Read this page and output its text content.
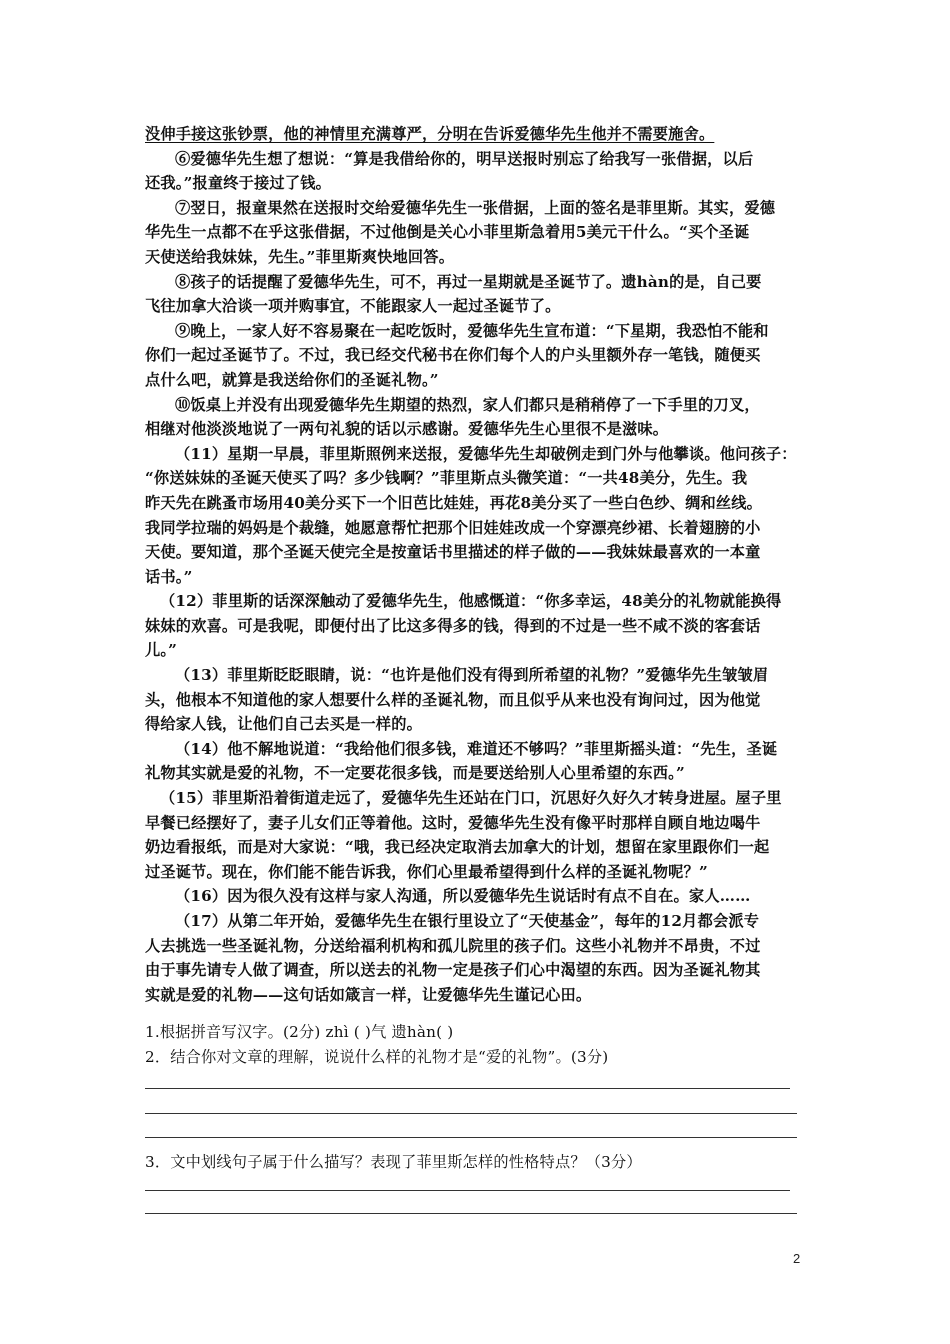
没伸手接这张钞票，他的神情里充满尊严，分明在告诉爱德华先生他并不需要施舍。
⑥爱德华先生想了想说：“算是我借给你的，明早送报时别忘了给我写一张借据，以后
还我。”报童终于接过了钱。
⑦翌日，报童果然在送报时交给爱德华先生一张借据，上面的签名是菲里斯。其实，爱德
华先生一点都不在乎这张借据，不过他倒是关心小菲里斯急着用5美元干什么。“买个圣诞
天使送给我妹妹，先生。”菲里斯爽快地回答。
⑧孩子的话提醒了爱德华先生，可不，再过一星期就是圣诞节了。遗hàn的是，自己要
飞往加拿大洽谈一项并购事宜，不能跟家人一起过圣诞节了。
⑨晚上，一家人好不容易聚在一起吃饭时，爱德华先生宣布道：“下星期，我恐怕不能和
你们一起过圣诞节了。不过，我已经交代秘书在你们每个人的户头里额外存一笔钱，随便买
点什么吧，就算是我送给你们的圣诞礼物。”
⑩饭桌上并没有出现爱德华先生期望的热烈，家人们都只是稍稍停了一下手里的刀叉，
相继对他淡淡地说了一两句礼貌的话以示感谢。爱德华先生心里很不是滋味。
（11）星期一早晨，菲里斯照例来送报，爱德华先生却破例走到门外与他攀谈。他问孩子：
“你送妹妹的圣诞天使买了吗？多少钱啊？”菲里斯点头微笑道：“一共48美分，先生。我
昨天先在跳蚤市场用40美分买下一个旧芭比娃娃，再花8美分买了一些白色纱、绸和丝线。
我同学拉瑞的妈妈是个裁缝，她愿意帮忙把那个旧娃娃改成一个穿漂亮纱裙、长着翅膀的小
天使。要知道，那个圣诞天使完全是按童话书里描述的样子做的——我妹妹最喜欢的一本童
话书。”
（12）菲里斯的话深深触动了爱德华先生，他感慨道：“你多幸运，48美分的礼物就能换得
妹妹的欢喜。可是我呢，即便付出了比这多得多的钱，得到的不过是一些不咸不淡的客套话
儿。”
（13）菲里斯眨眨眼睛，说：“也许是他们没有得到所希望的礼物？”爱德华先生皱皱眉
头，他根本不知道他的家人想要什么样的圣诞礼物，而且似乎从来也没有询问过，因为他觉
得给家人钱，让他们自己去买是一样的。
（14）他不解地说道：“我给他们很多钱，难道还不够吗？”菲里斯摇头道：“先生，圣诞
礼物其实就是爱的礼物，不一定要花很多钱，而是要送给别人心里希望的东西。”
（15）菲里斯沿着街道走远了，爱德华先生还站在门口，沉思好久好久才转身进屋。屋子里
早餐已经摆好了，妻子儿女们正等着他。这时，爱德华先生没有像平时那样自顾自地边喝牛
奶边看报纸，而是对大家说：“哦，我已经决定取消去加拿大的计划，想留在家里跟你们一起
过圣诞节。现在，你们能不能告诉我，你们心里最希望得到什么样的圣诞礼物呢？”
（16）因为很久没有这样与家人沟通，所以爱德华先生说话时有点不自在。家人……
（17）从第二年开始，爱德华先生在银行里设立了“天使基金”，每年的12月都会派专
人去挑选一些圣诞礼物，分送给福利机构和孤儿院里的孩子们。这些小礼物并不昂贵，不过
由于事先请专人做了调查，所以送去的礼物一定是孩子们心中渴望的东西。因为圣诞礼物其
实就是爱的礼物——这句话如箴言一样，让爱德华先生谨记心田。
1.根据拼音写汉字。(2分) zhì ( )气 遗hàn( )
2．结合你对文章的理解，说说什么样的礼物才是“爱的礼物”。(3分)
3．文中划线句子属于什么描写？表现了菲里斯怎样的性格特点？（3分）
2
